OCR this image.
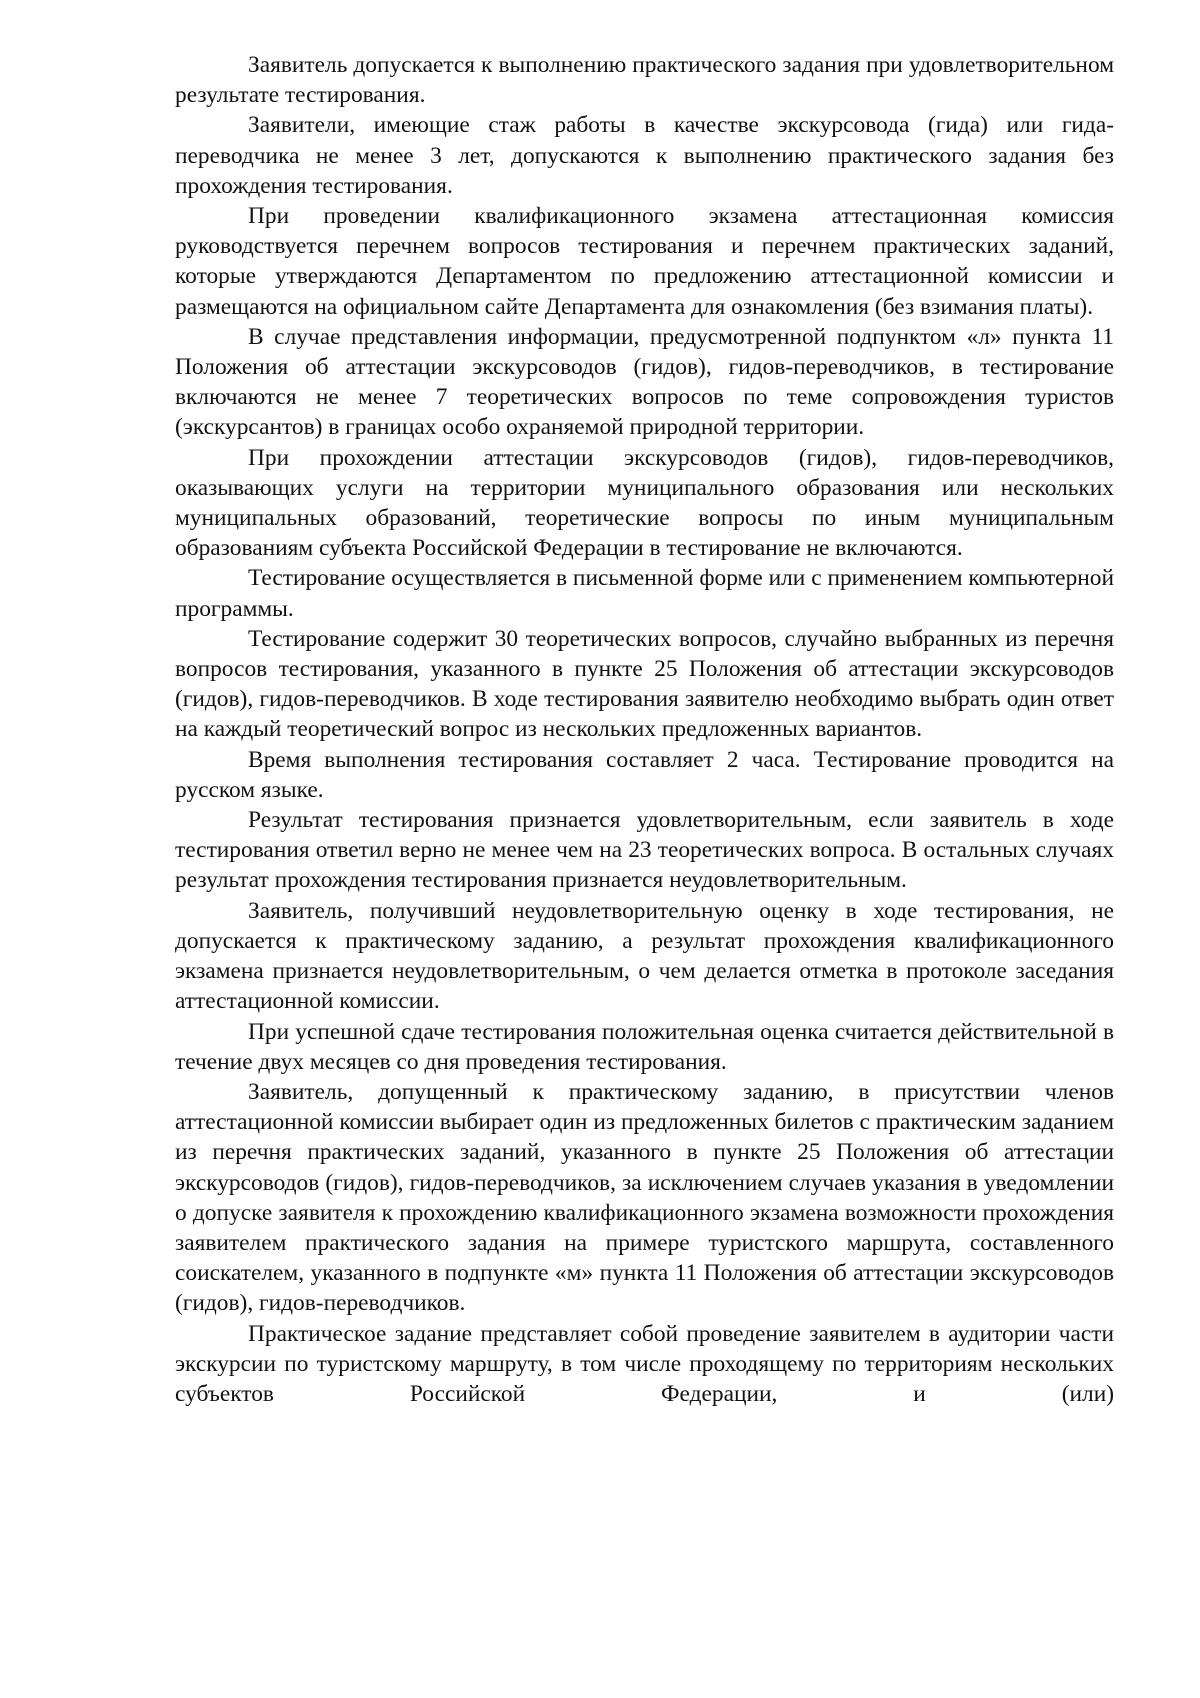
Заявитель допускается к выполнению практического задания при удовлетворительном результате тестирования.

Заявители, имеющие стаж работы в качестве экскурсовода (гида) или гида-переводчика не менее 3 лет, допускаются к выполнению практического задания без прохождения тестирования.

При проведении квалификационного экзамена аттестационная комиссия руководствуется перечнем вопросов тестирования и перечнем практических заданий, которые утверждаются Департаментом по предложению аттестационной комиссии и размещаются на официальном сайте Департамента для ознакомления (без взимания платы).

В случае представления информации, предусмотренной подпунктом «л» пункта 11 Положения об аттестации экскурсоводов (гидов), гидов-переводчиков, в тестирование включаются не менее 7 теоретических вопросов по теме сопровождения туристов (экскурсантов) в границах особо охраняемой природной территории.

При прохождении аттестации экскурсоводов (гидов), гидов-переводчиков, оказывающих услуги на территории муниципального образования или нескольких муниципальных образований, теоретические вопросы по иным муниципальным образованиям субъекта Российской Федерации в тестирование не включаются.

Тестирование осуществляется в письменной форме или с применением компьютерной программы.

Тестирование содержит 30 теоретических вопросов, случайно выбранных из перечня вопросов тестирования, указанного в пункте 25 Положения об аттестации экскурсоводов (гидов), гидов-переводчиков. В ходе тестирования заявителю необходимо выбрать один ответ на каждый теоретический вопрос из нескольких предложенных вариантов.

Время выполнения тестирования составляет 2 часа. Тестирование проводится на русском языке.

Результат тестирования признается удовлетворительным, если заявитель в ходе тестирования ответил верно не менее чем на 23 теоретических вопроса. В остальных случаях результат прохождения тестирования признается неудовлетворительным.

Заявитель, получивший неудовлетворительную оценку в ходе тестирования, не допускается к практическому заданию, а результат прохождения квалификационного экзамена признается неудовлетворительным, о чем делается отметка в протоколе заседания аттестационной комиссии.

При успешной сдаче тестирования положительная оценка считается действительной в течение двух месяцев со дня проведения тестирования.

Заявитель, допущенный к практическому заданию, в присутствии членов аттестационной комиссии выбирает один из предложенных билетов с практическим заданием из перечня практических заданий, указанного в пункте 25 Положения об аттестации экскурсоводов (гидов), гидов-переводчиков, за исключением случаев указания в уведомлении о допуске заявителя к прохождению квалификационного экзамена возможности прохождения заявителем практического задания на примере туристского маршрута, составленного соискателем, указанного в подпункте «м» пункта 11 Положения об аттестации экскурсоводов (гидов), гидов-переводчиков.

Практическое задание представляет собой проведение заявителем в аудитории части экскурсии по туристскому маршруту, в том числе проходящему по территориям нескольких субъектов Российской Федерации, и (или)
